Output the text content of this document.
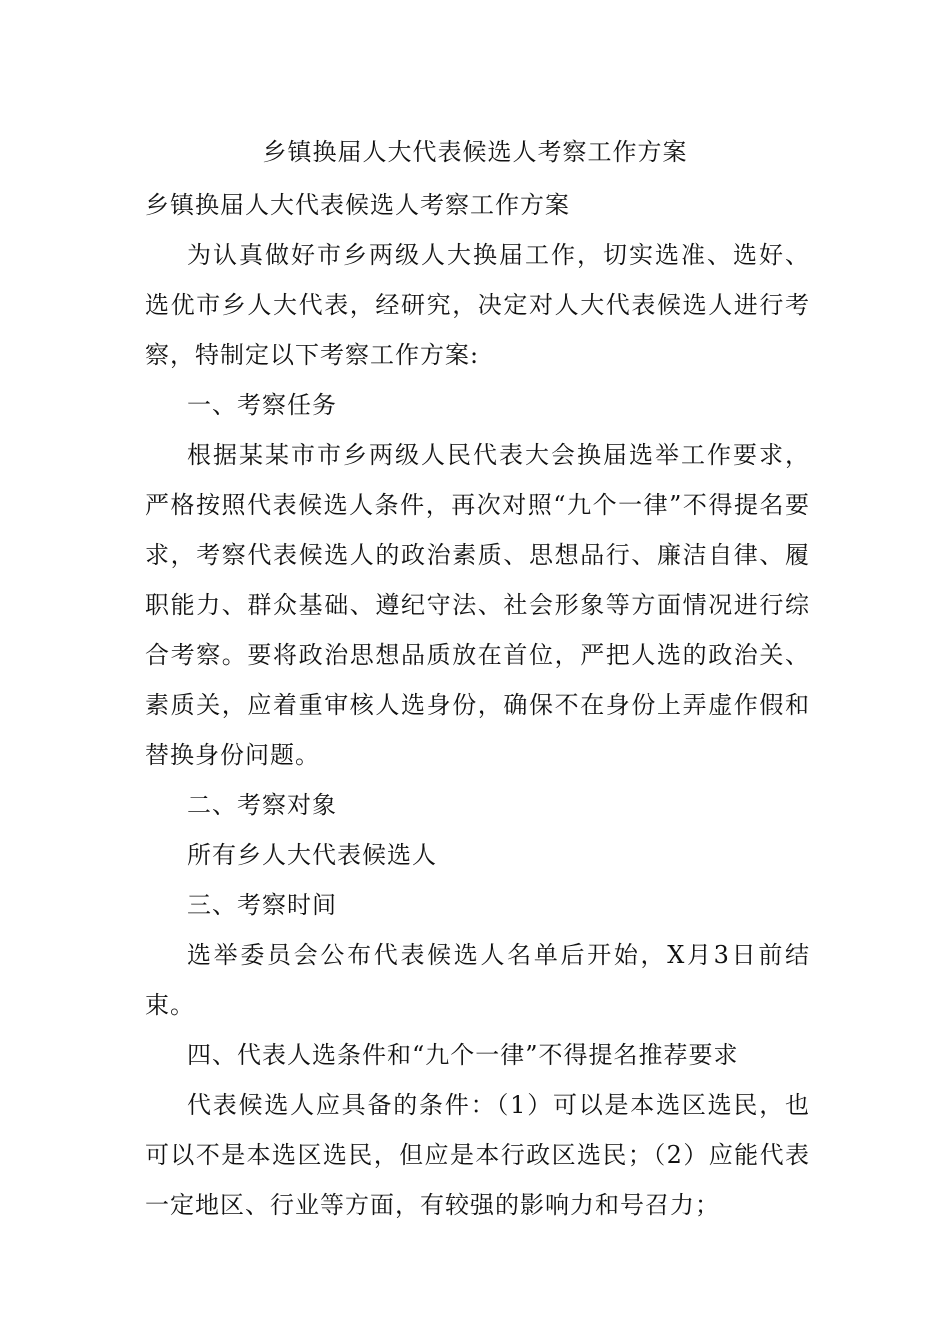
乡镇换届人大代表候选人考察工作方案

乡镇换届人大代表候选人考察工作方案

为认真做好市乡两级人大换届工作，切实选准、选好、选优市乡人大代表，经研究，决定对人大代表候选人进行考察，特制定以下考察工作方案:

一、考察任务

根据某某市市乡两级人民代表大会换届选举工作要求，严格按照代表候选人条件，再次对照“九个一律”不得提名要求，考察代表候选人的政治素质、思想品行、廉洁自律、履职能力、群众基础、遵纪守法、社会形象等方面情况进行综合考察。要将政治思想品质放在首位，严把人选的政治关、素质关，应着重审核人选身份，确保不在身份上弄虚作假和替换身份问题。

二、考察对象

所有乡人大代表候选人

三、考察时间

选举委员会公布代表候选人名单后开始，X月3日前结束。

四、代表人选条件和“九个一律”不得提名推荐要求

代表候选人应具备的条件：（1）可以是本选区选民，也可以不是本选区选民，但应是本行政区选民；（2）应能代表一定地区、行业等方面，有较强的影响力和号召力；
